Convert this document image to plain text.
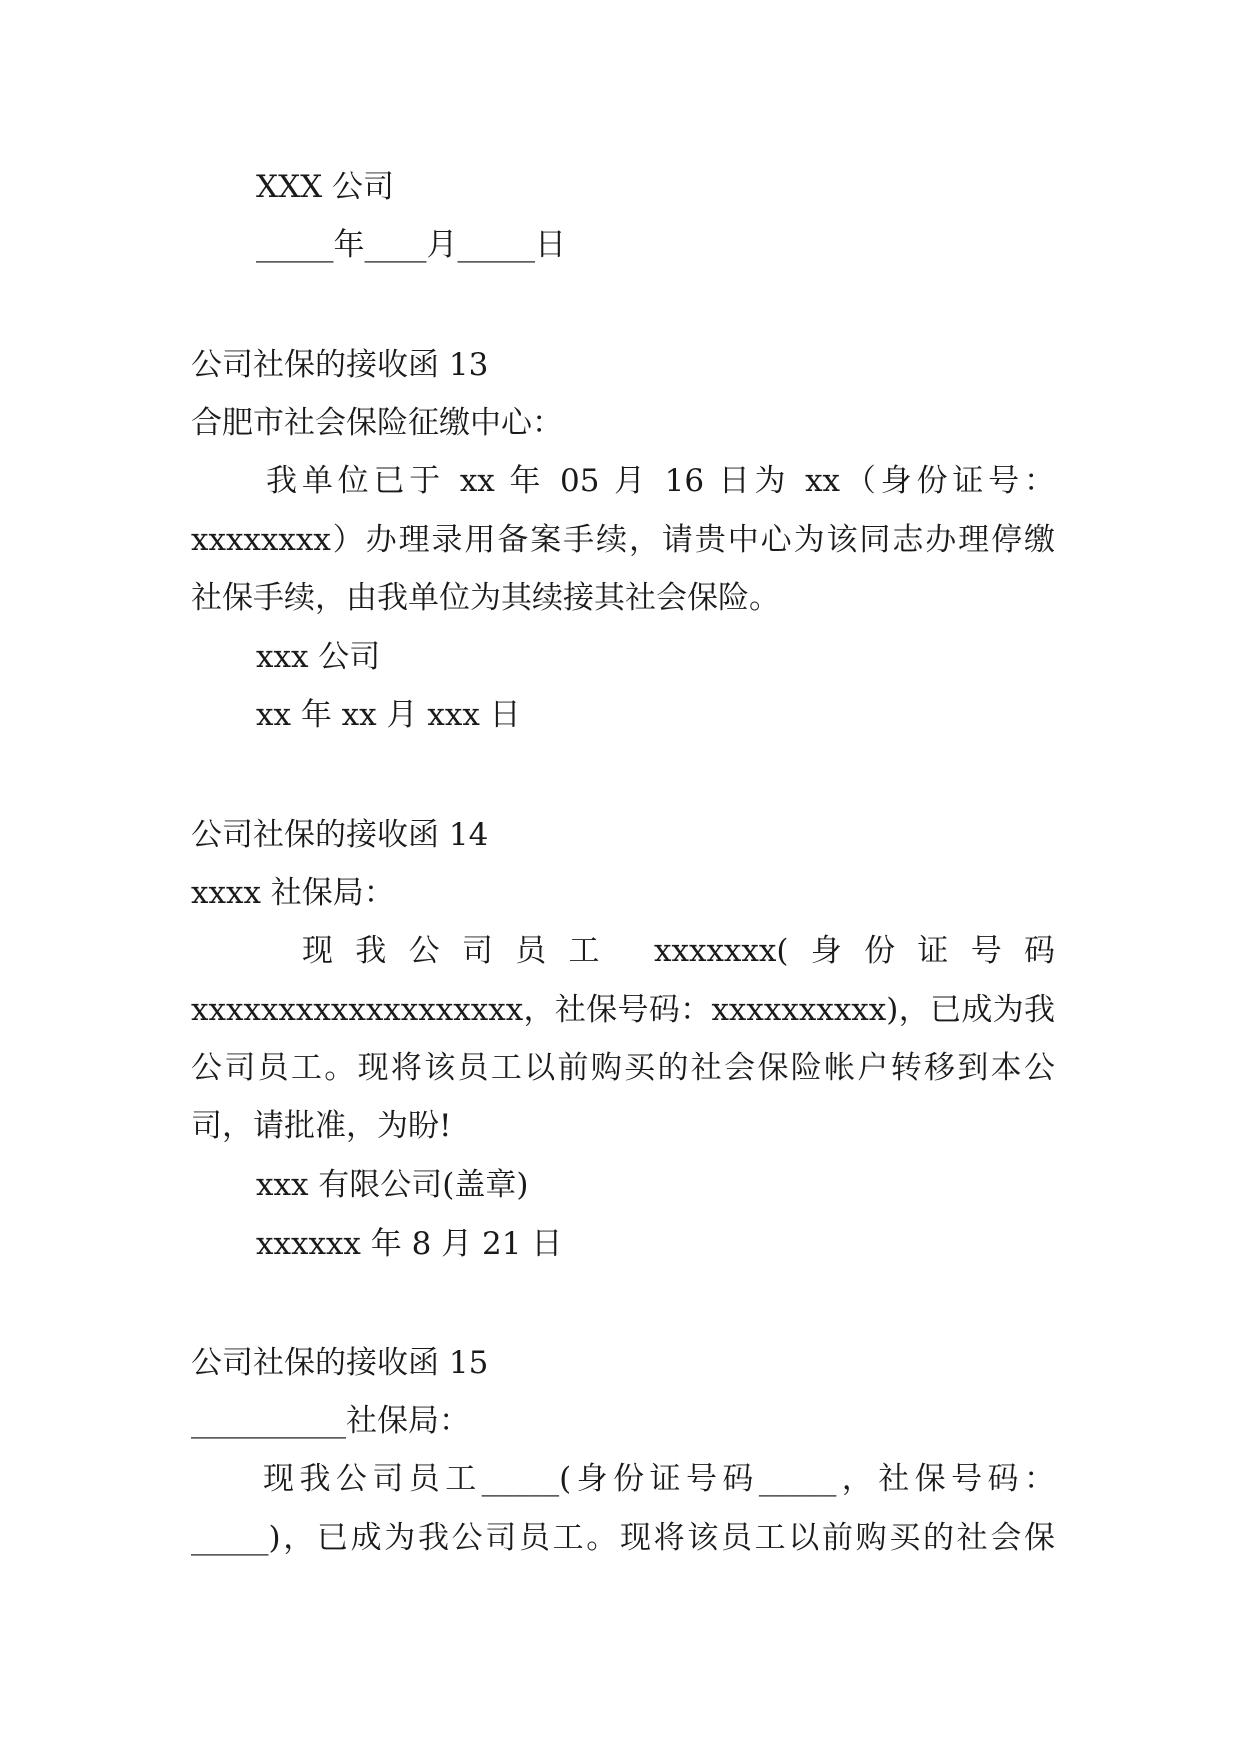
XXX 公司
_____年____月_____日
公司社保的接收函 13
合肥市社会保险征缴中心：
我单位已于 xx 年 05 月 16 日为 xx（身份证号：
xxxxxxxx）办理录用备案手续，请贵中心为该同志办理停缴
社保手续，由我单位为其续接其社会保险。
xxx 公司
xx 年 xx 月 xxx 日
公司社保的接收函 14
xxxx 社保局：
现我公司员工 xxxxxxx(身份证号码
xxxxxxxxxxxxxxxxxxx，社保号码：xxxxxxxxxx)，已成为我
公司员工。现将该员工以前购买的社会保险帐户转移到本公
司，请批准，为盼!
xxx 有限公司(盖章)
xxxxxx 年 8 月 21 日
公司社保的接收函 15
__________社保局：
现我公司员工_____(身份证号码_____，社保号码：
_____)，已成为我公司员工。现将该员工以前购买的社会保
